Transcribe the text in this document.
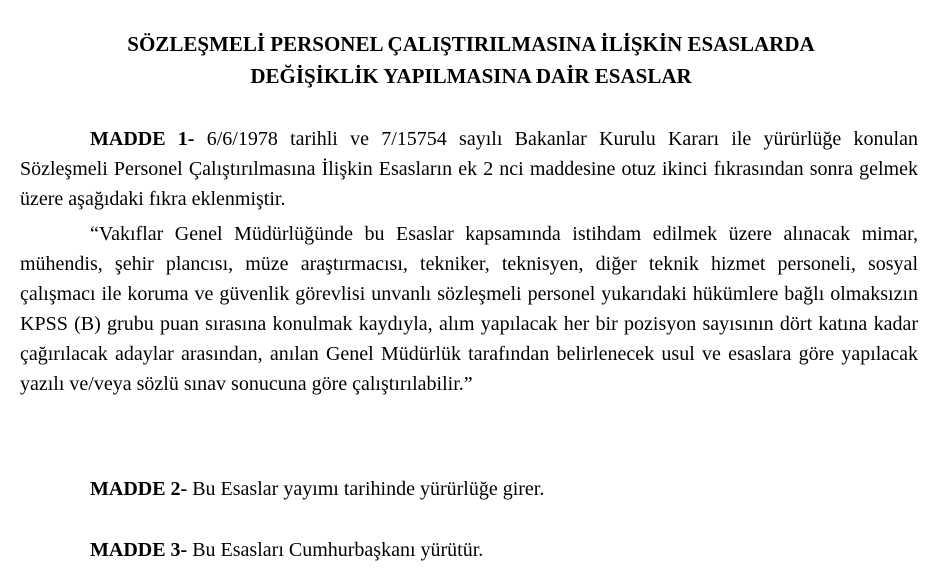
SÖZLEŞMELİ PERSONEL ÇALIŞTIRILMASINA İLİŞKİN ESASLARDA
DEĞİŞİKLİK YAPILMASINA DAİR ESASLAR

MADDE 1- 6/6/1978 tarihli ve 7/15754 sayılı Bakanlar Kurulu Kararı ile yürürlüğe konulan Sözleşmeli Personel Çalıştırılmasına İlişkin Esasların ek 2 nci maddesine otuz ikinci fıkrasından sonra gelmek üzere aşağıdaki fıkra eklenmiştir.

“Vakıflar Genel Müdürlüğünde bu Esaslar kapsamında istihdam edilmek üzere alınacak mimar, mühendis, şehir plancısı, müze araştırmacısı, tekniker, teknisyen, diğer teknik hizmet personeli, sosyal çalışmacı ile koruma ve güvenlik görevlisi unvanlı sözleşmeli personel yukarıdaki hükümlere bağlı olmaksızın KPSS (B) grubu puan sırasına konulmak kaydıyla, alım yapılacak her bir pozisyon sayısının dört katına kadar çağırılacak adaylar arasından, anılan Genel Müdürlük tarafından belirlenecek usul ve esaslara göre yapılacak yazılı ve/veya sözlü sınav sonucuna göre çalıştırılabilir.”

MADDE 2- Bu Esaslar yayımı tarihinde yürürlüğe girer.

MADDE 3- Bu Esasları Cumhurbaşkanı yürütür.
